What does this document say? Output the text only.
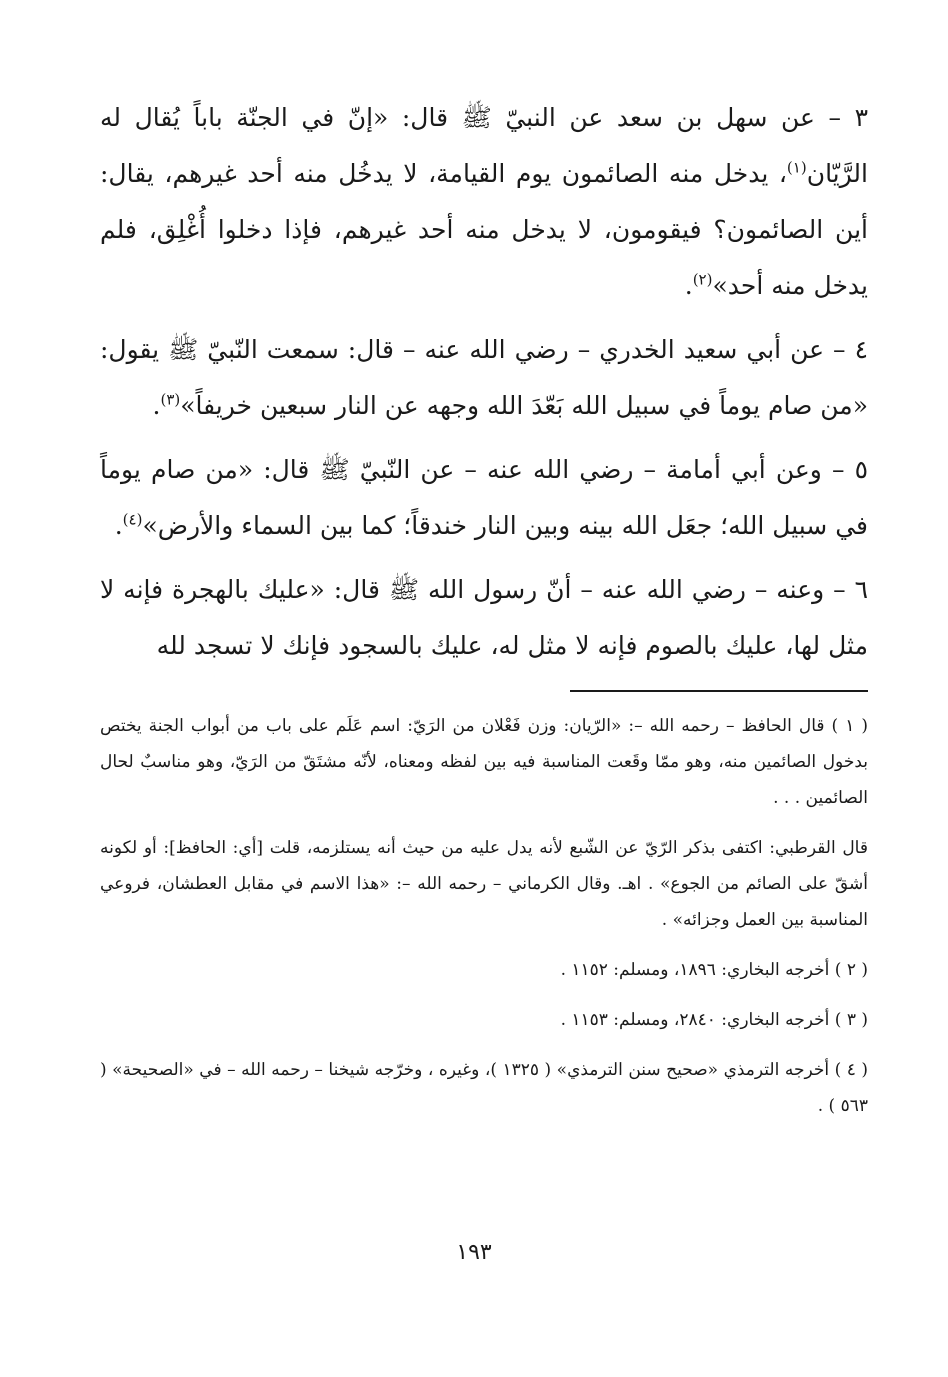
٣ – عن سهل بن سعد عن النبيّ ﷺ قال: «إنّ في الجنّة باباً يُقال له الرَّيّان$^{(١)}$، يدخل منه الصائمون يوم القيامة، لا يدخُل منه أحد غيرهم، يقال: أين الصائمون؟ فيقومون، لا يدخل منه أحد غيرهم، فإذا دخلوا أُغْلِق، فلم يدخل منه أحد»$^{(٢)}$.

٤ – عن أبي سعيد الخدري – رضي الله عنه – قال: سمعت النّبيّ ﷺ يقول: «من صام يوماً في سبيل الله بَعّدَ الله وجهه عن النار سبعين خريفاً»$^{(٣)}$.

٥ – وعن أبي أمامة – رضي الله عنه – عن النّبيّ ﷺ قال: «من صام يوماً في سبيل الله؛ جعَل الله بينه وبين النار خندقاً؛ كما بين السماء والأرض»$^{(٤)}$.

٦ – وعنه – رضي الله عنه – أنّ رسول الله ﷺ قال: «عليك بالهجرة فإنه لا مثل لها، عليك بالصوم فإنه لا مثل له، عليك بالسجود فإنك لا تسجد لله

( ١ ) قال الحافظ – رحمه الله –: «الرّيان: وزن فَعْلان من الرَيّ: اسم عَلَم على باب من أبواب الجنة يختص بدخول الصائمين منه، وهو ممّا وقَعت المناسبة فيه بين لفظه ومعناه، لأنّه مشتَقّ من الرَيّ، وهو مناسبٌ لحال الصائمين . . .

قال القرطبي: اكتفى بذكر الرّيّ عن الشّبع لأنه يدل عليه من حيث أنه يستلزمه، قلت [أي: الحافظ]: أو لكونه أشقّ على الصائم من الجوع» . اهـ. وقال الكرماني – رحمه الله –: «هذا الاسم في مقابل العطشان، فروعي المناسبة بين العمل وجزائه» .

( ٢ ) أخرجه البخاري: ١٨٩٦، ومسلم: ١١٥٢ .

( ٣ ) أخرجه البخاري: ٢٨٤٠، ومسلم: ١١٥٣ .

( ٤ ) أخرجه الترمذي «صحيح سنن الترمذي» ( ١٣٢٥ )، وغيره ، وخرّجه شيخنا – رحمه الله – في «الصحيحة» ( ٥٦٣ ) .

١٩٣
